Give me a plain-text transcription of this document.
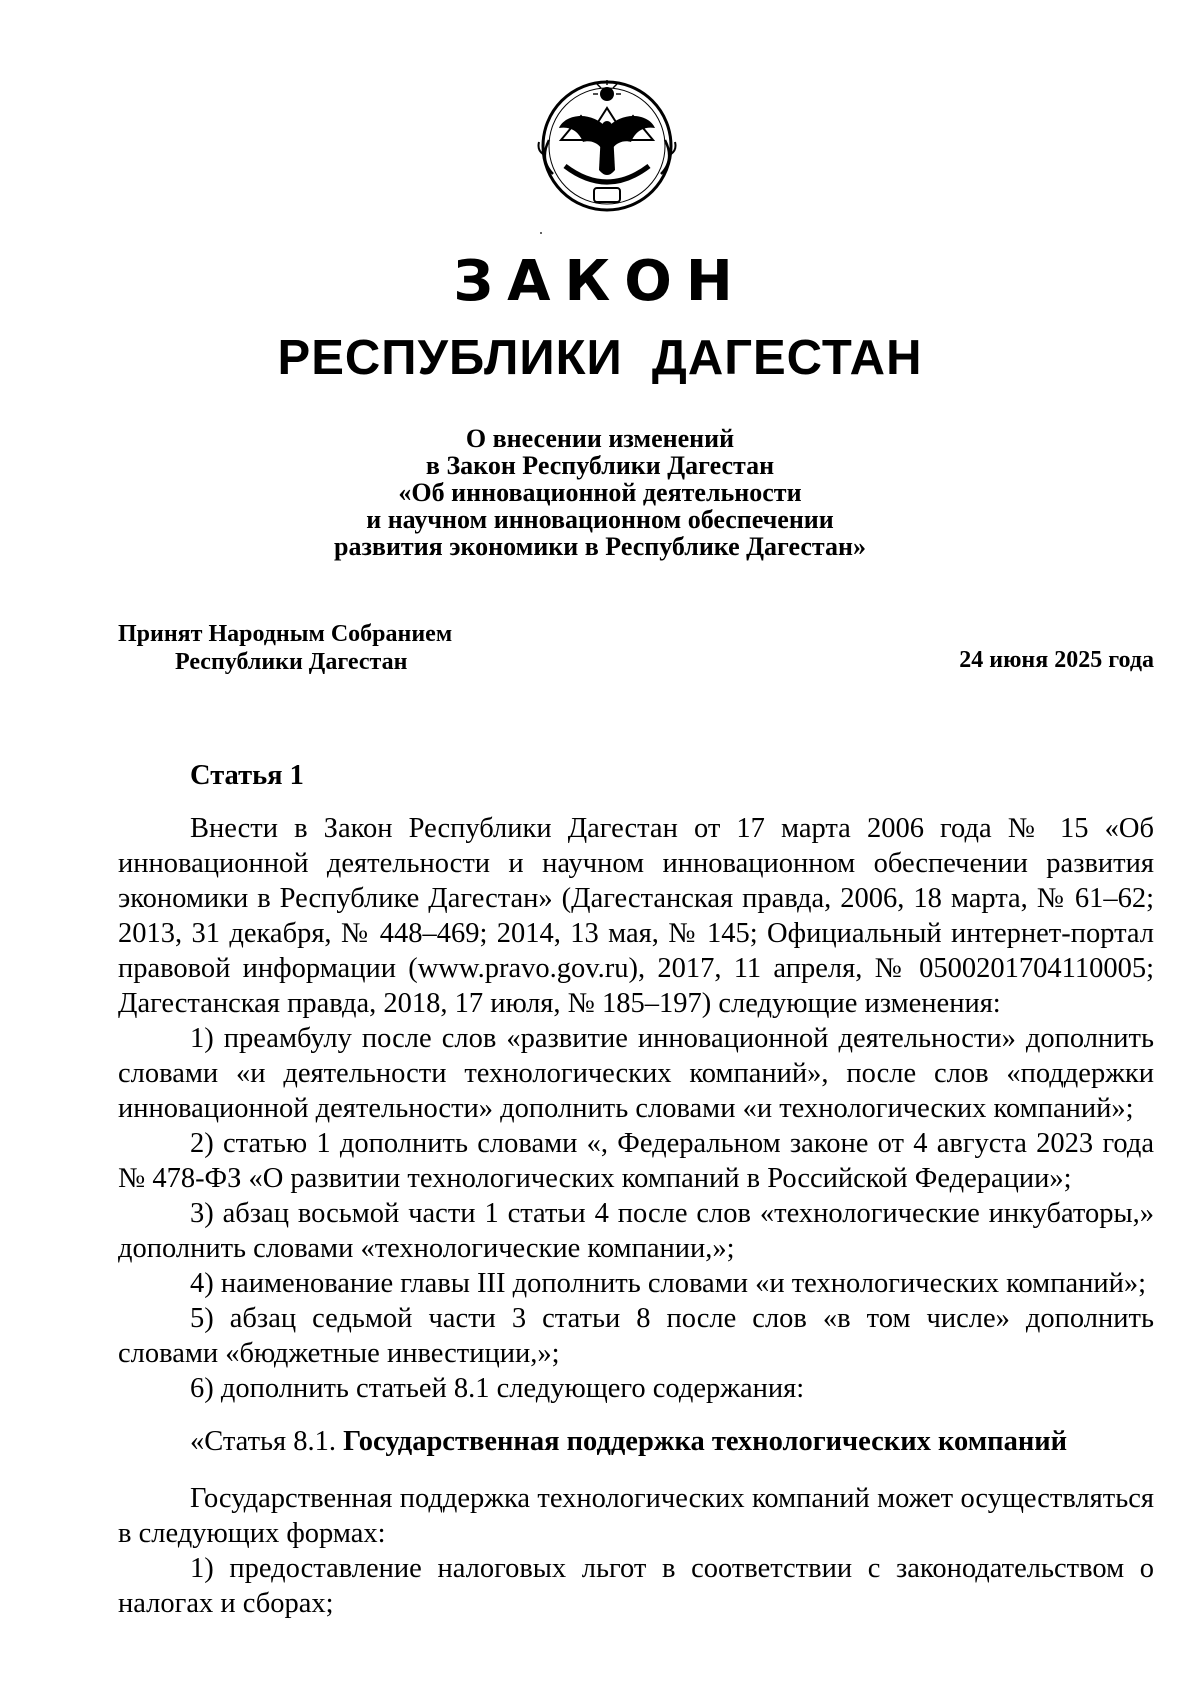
ЗАКОН
РЕСПУБЛИКИ  ДАГЕСТАН
О внесении изменений
в Закон Республики Дагестан
«Об инновационной деятельности
и научном инновационном обеспечении
развития экономики в Республике Дагестан»
Принят Народным Собранием
Республики Дагестан	24 июня 2025 года
Статья 1

Внести в Закон Республики Дагестан от 17 марта 2006 года № 15 «Об инновационной деятельности и научном инновационном обеспечении развития экономики в Республике Дагестан» (Дагестанская правда, 2006, 18 марта, № 61–62; 2013, 31 декабря, № 448–469; 2014, 13 мая, № 145; Официальный интернет-портал правовой информации (www.pravo.gov.ru), 2017, 11 апреля, № 0500201704110005; Дагестанская правда, 2018, 17 июля, № 185–197) следующие изменения:

1) преамбулу после слов «развитие инновационной деятельности» дополнить словами «и деятельности технологических компаний», после слов «поддержки инновационной деятельности» дополнить словами «и технологических компаний»;

2) статью 1 дополнить словами «, Федеральном законе от 4 августа 2023 года № 478-ФЗ «О развитии технологических компаний в Российской Федерации»;

3) абзац восьмой части 1 статьи 4 после слов «технологические инкубаторы,» дополнить словами «технологические компании,»;

4) наименование главы III дополнить словами «и технологических компаний»;

5) абзац седьмой части 3 статьи 8 после слов «в том числе» дополнить словами «бюджетные инвестиции,»;

6) дополнить статьей 8.1 следующего содержания:

«Статья 8.1. Государственная поддержка технологических компаний

Государственная поддержка технологических компаний может осуществляться в следующих формах:

1) предоставление налоговых льгот в соответствии с законодательством о налогах и сборах;
